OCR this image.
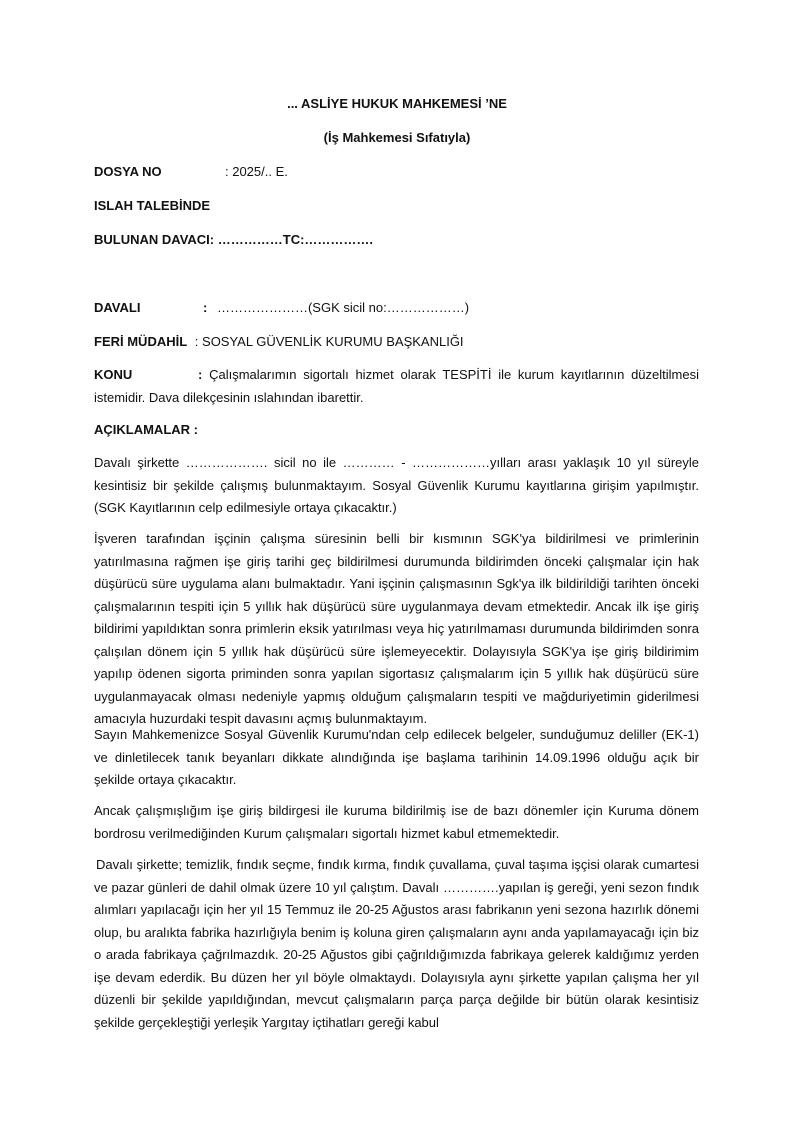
... ASLİYE HUKUK MAHKEMESİ ’NE
(İş Mahkemesi Sıfatıyla)
DOSYA NO	: 2025/.. E.
ISLAH TALEBİNDE
BULUNAN DAVACI: ……………TC:…………….
DAVALI	: …………………(SGK sicil no:………………)
FERİ MÜDAHİL : SOSYAL GÜVENLİK KURUMU BAŞKANLIĞI
KONU	: Çalışmalarımın sigortalı hizmet olarak TESPİTİ ile kurum kayıtlarının düzeltilmesi istemidir. Dava dilekçesinin ıslahından ibarettir.
AÇIKLAMALAR :
Davalı şirkette ………………. sicil no ile ………… - ………………yılları arası yaklaşık 10 yıl süreyle kesintisiz bir şekilde çalışmış bulunmaktayım. Sosyal Güvenlik Kurumu kayıtlarına girişim yapılmıştır. (SGK Kayıtlarının celp edilmesiyle ortaya çıkacaktır.)
İşveren tarafından işçinin çalışma süresinin belli bir kısmının SGK'ya bildirilmesi ve primlerinin yatırılmasına rağmen işe giriş tarihi geç bildirilmesi durumunda bildirimden önceki çalışmalar için hak düşürücü süre uygulama alanı bulmaktadır. Yani işçinin çalışmasının Sgk'ya ilk bildirildiği tarihten önceki çalışmalarının tespiti için 5 yıllık hak düşürücü süre uygulanmaya devam etmektedir. Ancak ilk işe giriş bildirimi yapıldıktan sonra primlerin eksik yatırılması veya hiç yatırılmaması durumunda bildirimden sonra çalışılan dönem için 5 yıllık hak düşürücü süre işlemeyecektir. Dolayısıyla SGK'ya işe giriş bildirimim yapılıp ödenen sigorta priminden sonra yapılan sigortasız çalışmalarım için 5 yıllık hak düşürücü süre uygulanmayacak olması nedeniyle yapmış olduğum çalışmaların tespiti ve mağduriyetimin giderilmesi amacıyla huzurdaki tespit davasını açmış bulunmaktayım.
Sayın Mahkemenizce Sosyal Güvenlik Kurumu'ndan celp edilecek belgeler, sunduğumuz deliller (EK-1) ve dinletilecek tanık beyanları dikkate alındığında işe başlama tarihinin 14.09.1996 olduğu açık bir şekilde ortaya çıkacaktır.
Ancak çalışmışlığım işe giriş bildirgesi ile kuruma bildirilmiş ise de bazı dönemler için Kuruma dönem bordrosu verilmediğinden Kurum çalışmaları sigortalı hizmet kabul etmemektedir.
Davalı şirkette; temizlik, fındık seçme, fındık kırma, fındık çuvallama, çuval taşıma işçisi olarak cumartesi ve pazar günleri de dahil olmak üzere 10 yıl çalıştım. Davalı ………….yapılan iş gereği, yeni sezon fındık alımları yapılacağı için her yıl 15 Temmuz ile 20-25 Ağustos arası fabrikanın yeni sezona hazırlık dönemi olup, bu aralıkta fabrika hazırlığıyla benim iş koluna giren çalışmaların aynı anda yapılamayacağı için biz o arada fabrikaya çağrılmazdık. 20-25 Ağustos gibi çağrıldığımızda fabrikaya gelerek kaldığımız yerden işe devam ederdik. Bu düzen her yıl böyle olmaktaydı. Dolayısıyla aynı şirkette yapılan çalışma her yıl düzenli bir şekilde yapıldığından, mevcut çalışmaların parça parça değilde bir bütün olarak kesintisiz şekilde gerçekleştiği yerleşik Yargıtay içtihatları gereği kabul
